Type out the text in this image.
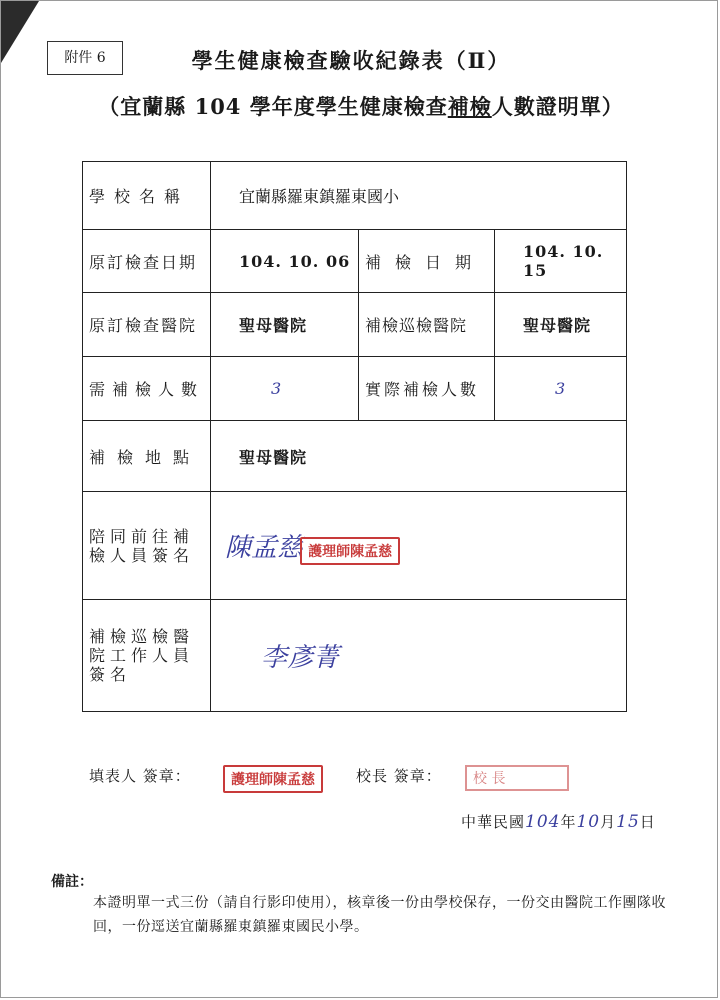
附件 6	學生健康檢查驗收紀錄表（Ⅱ）
（宜蘭縣 104 學年度學生健康檢查補檢人數證明單）
學校名稱	宜蘭縣羅東鎮羅東國小		
原訂檢查日期	104. 10. 06	補檢日期	104. 10. 15
原訂檢查醫院	聖母醫院	補檢巡檢醫院	聖母醫院
需補檢人數	3	實際補檢人數	3
補檢地點	聖母醫院		
陪同前往補檢人員簽名	陳孟慈 護理師陳孟慈		
補檢巡檢醫院工作人員簽名	李彥菁		
填表人 簽章：	護理師陳孟慈	校長 簽章：	校 長
中華民國104年10月15日
備註：
本證明單一式三份（請自行影印使用），核章後一份由學校保存，一份交由醫院工作團隊收回，一份逕送宜蘭縣羅東鎮羅東國民小學。
